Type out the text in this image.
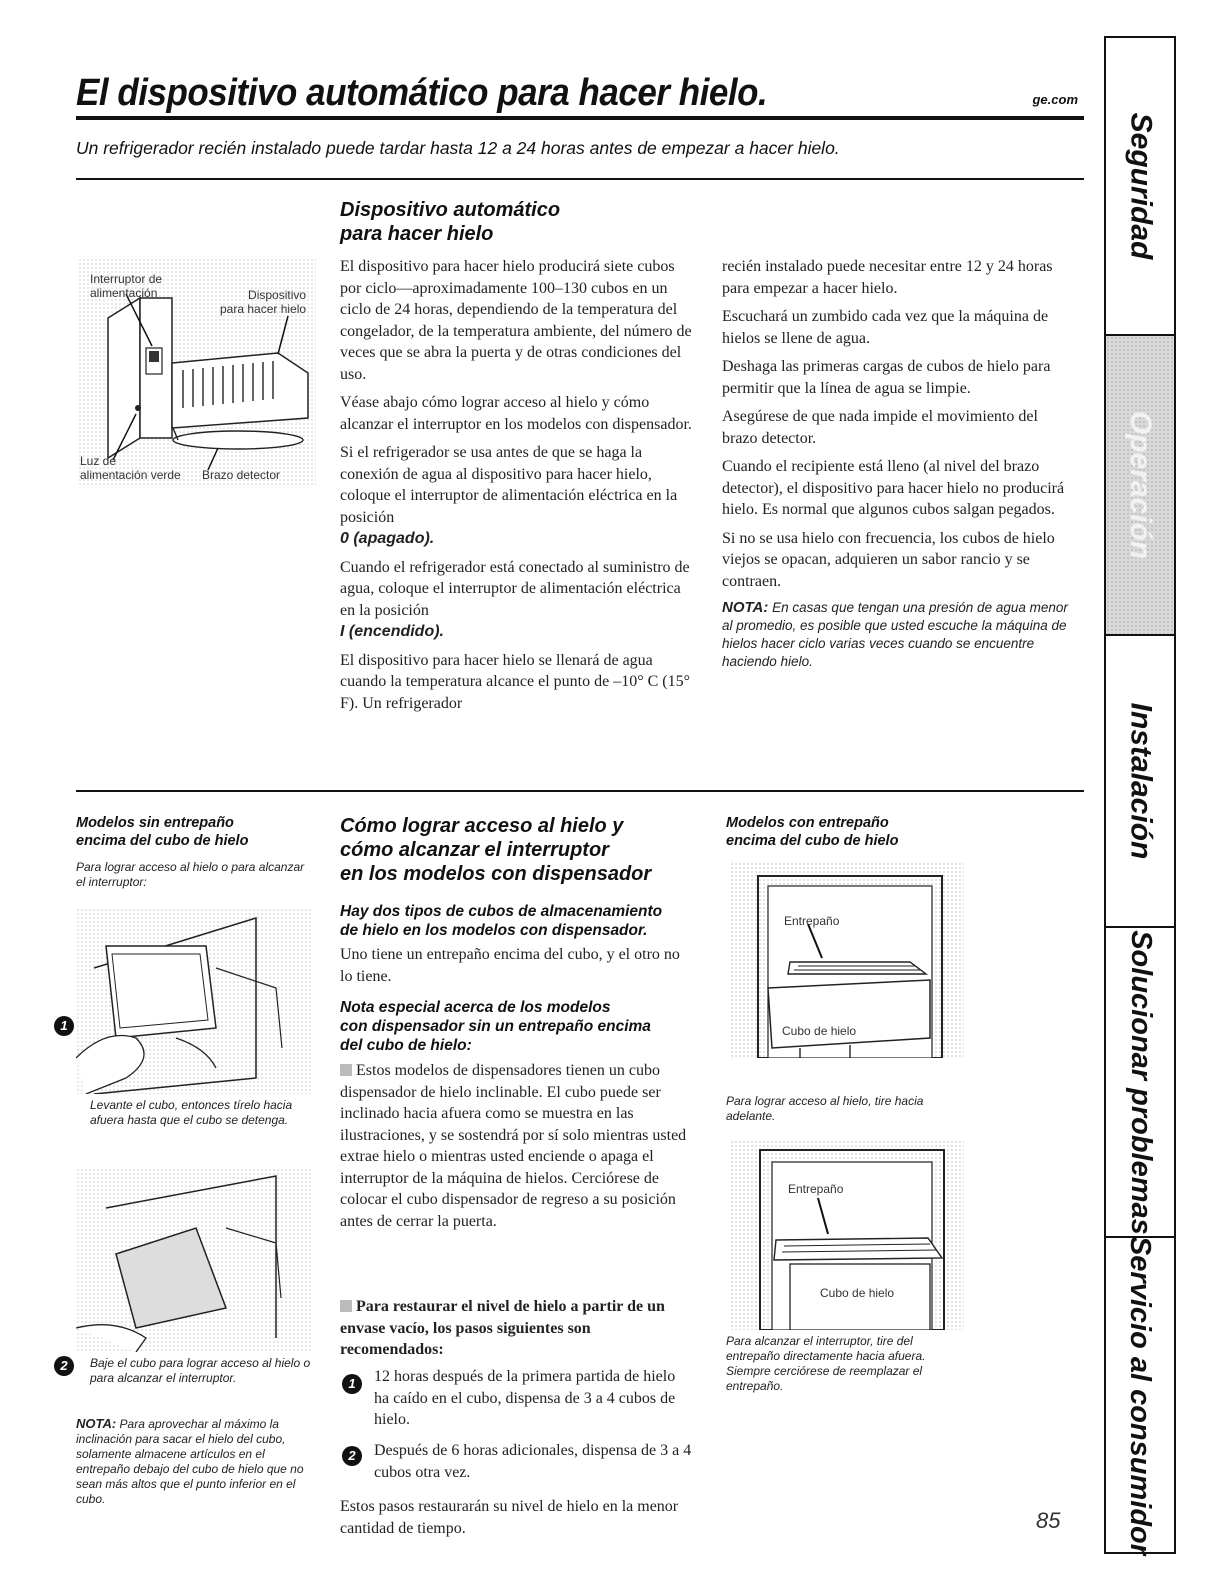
El dispositivo automático para hacer hielo.	ge.com
Un refrigerador recién instalado puede tardar hasta 12 a 24 horas antes de empezar a hacer hielo.	Seguridad
Operación
Instalación
Solucionar problemas
Servicio al consumidor
Interruptor de
alimentación	Dispositivo
para hacer hielo
Luz de
alimentación verde Brazo detector
Dispositivo automático
para hacer hielo

El dispositivo para hacer hielo producirá siete cubos por ciclo—aproximadamente 100–130 cubos en un ciclo de 24 horas, dependiendo de la temperatura del congelador, de la temperatura ambiente, del número de veces que se abra la puerta y de otras condiciones del uso.

Véase abajo cómo lograr acceso al hielo y cómo alcanzar el interruptor en los modelos con dispensador.

Si el refrigerador se usa antes de que se haga la conexión de agua al dispositivo para hacer hielo, coloque el interruptor de alimentación eléctrica en la posición
0 (apagado).

Cuando el refrigerador está conectado al suministro de agua, coloque el interruptor de alimentación eléctrica en la posición
I (encendido).

El dispositivo para hacer hielo se llenará de agua cuando la temperatura alcance el punto de –10° C (15° F). Un refrigerador

recién instalado puede necesitar entre 12 y 24 horas para empezar a hacer hielo.

Escuchará un zumbido cada vez que la máquina de hielos se llene de agua.

Deshaga las primeras cargas de cubos de hielo para permitir que la línea de agua se limpie.

Asegúrese de que nada impide el movimiento del brazo detector.

Cuando el recipiente está lleno (al nivel del brazo detector), el dispositivo para hacer hielo no producirá hielo. Es normal que algunos cubos salgan pegados.

Si no se usa hielo con frecuencia, los cubos de hielo viejos se opacan, adquieren un sabor rancio y se contraen.

NOTA: En casas que tengan una presión de agua menor al promedio, es posible que usted escuche la máquina de hielos hacer ciclo varias veces cuando se encuentre haciendo hielo.
Modelos sin entrepaño
encima del cubo de hielo
Para lograr acceso al hielo o para alcanzar el interruptor:
1
Levante el cubo, entonces tírelo hacia afuera hasta que el cubo se detenga.
2	Baje el cubo para lograr acceso al hielo o para alcanzar el interruptor.
NOTA: Para aprovechar al máximo la inclinación para sacar el hielo del cubo, solamente almacene artículos en el entrepaño debajo del cubo de hielo que no sean más altos que el punto inferior en el cubo.
Cómo lograr acceso al hielo y
cómo alcanzar el interruptor
en los modelos con dispensador
Hay dos tipos de cubos de almacenamiento
de hielo en los modelos con dispensador.
Uno tiene un entrepaño encima del cubo, y el otro no lo tiene.
Nota especial acerca de los modelos
con dispensador sin un entrepaño encima
del cubo de hielo:
Estos modelos de dispensadores tienen un cubo dispensador de hielo inclinable. El cubo puede ser inclinado hacia afuera como se muestra en las ilustraciones, y se sostendrá por sí solo mientras usted extrae hielo o mientras usted enciende o apaga el interruptor de la máquina de hielos. Cerciórese de colocar el cubo dispensador de regreso a su posición antes de cerrar la puerta.
Para restaurar el nivel de hielo a partir de un envase vacío, los pasos siguientes son recomendados:
1	12 horas después de la primera partida de hielo ha caído en el cubo, dispensa de 3 a 4 cubos de hielo.
2	Después de 6 horas adicionales, dispensa de 3 a 4 cubos otra vez.
Estos pasos restaurarán su nivel de hielo en la menor cantidad de tiempo.
Modelos con entrepaño
encima del cubo de hielo
Entrepaño
Cubo de hielo
Para lograr acceso al hielo, tire hacia adelante.
Entrepaño
Cubo de hielo
Para alcanzar el interruptor, tire del entrepaño directamente hacia afuera. Siempre cerciórese de reemplazar el entrepaño.
85
